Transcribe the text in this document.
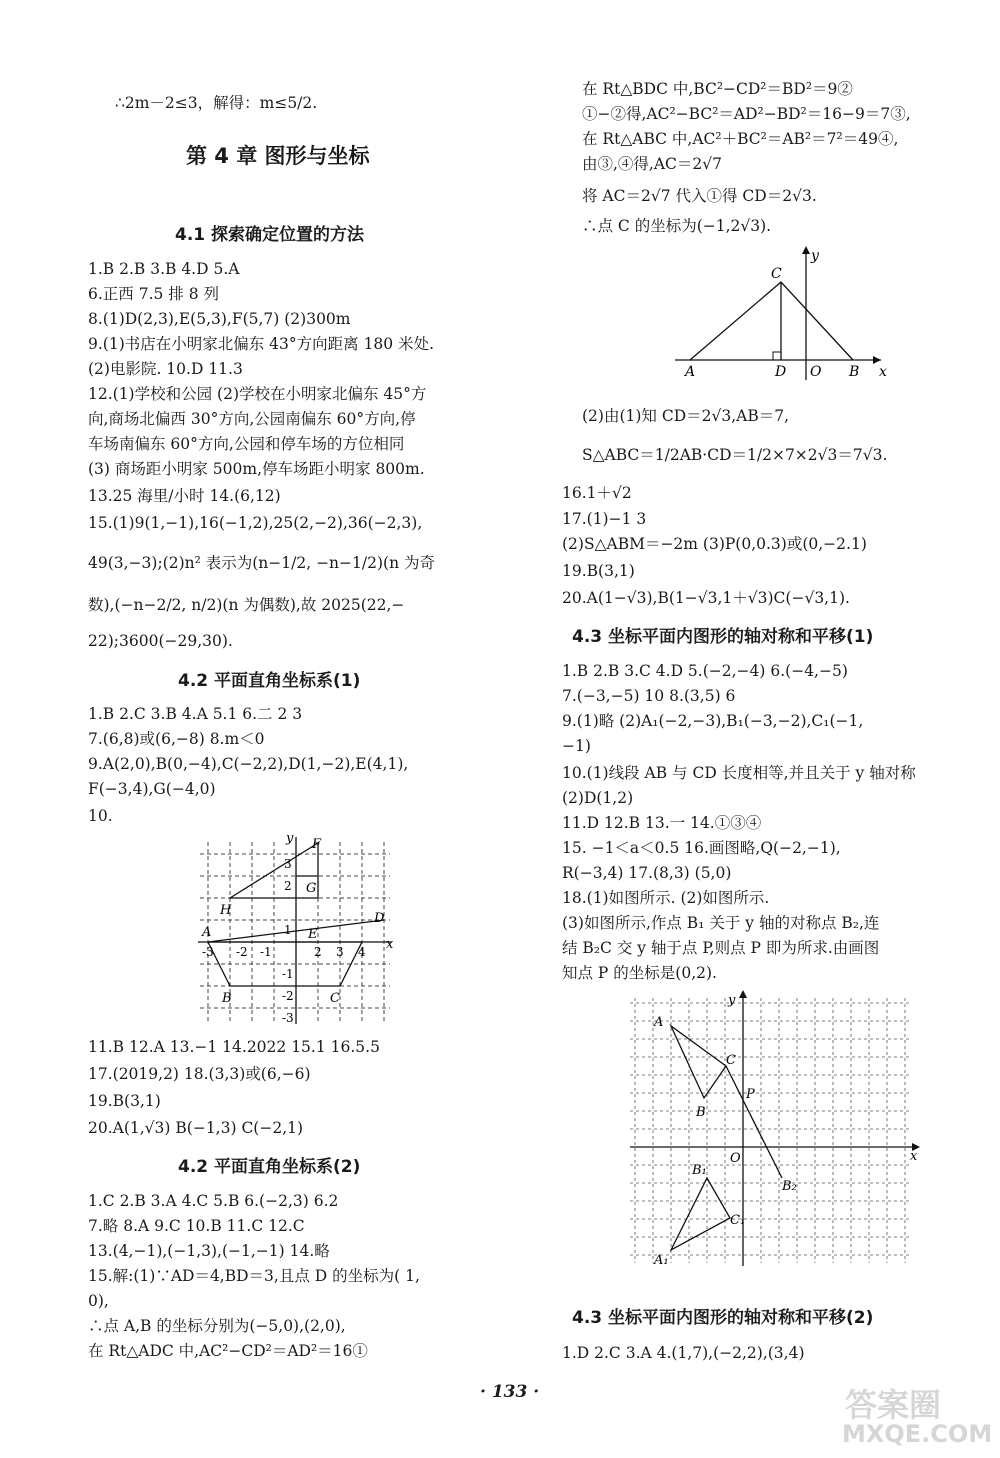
∴2m－2≤3，解得：m≤5/2.
第 4 章 图形与坐标
4.1 探索确定位置的方法
1.B 2.B 3.B 4.D 5.A
6.正西 7.5 排 8 列
8.(1)D(2,3),E(5,3),F(5,7) (2)300m
9.(1)书店在小明家北偏东 43°方向距离 180 米处.
(2)电影院. 10.D 11.3
12.(1)学校和公园 (2)学校在小明家北偏东 45°方
向,商场北偏西 30°方向,公园南偏东 60°方向,停
车场南偏东 60°方向,公园和停车场的方位相同
(3) 商场距小明家 500m,停车场距小明家 800m.
13.25 海里/小时 14.(6,12)
15.(1)9(1,−1),16(−1,2),25(2,−2),36(−2,3),
49(3,−3);(2)n² 表示为(n−1/2, −n−1/2)(n 为奇
数),(−n−2/2, n/2)(n 为偶数),故 2025(22,−
22);3600(−29,30).
4.2 平面直角坐标系(1)
1.B 2.C 3.B 4.A 5.1 6.二 2 3
7.(6,8)或(6,−8) 8.m＜0
9.A(2,0),B(0,−4),C(−2,2),D(1,−2),E(4,1),
F(−3,4),G(−4,0)
10.
A
B	C
D
E
F
G
H
x
y
1
2 3 4
-1
-2
-3
2
3
-1
-2
-3
11.B 12.A 13.−1 14.2022 15.1 16.5.5
17.(2019,2) 18.(3,3)或(6,−6)
19.B(3,1)
20.A(1,√3) B(−1,3) C(−2,1)
4.2 平面直角坐标系(2)
1.C 2.B 3.A 4.C 5.B 6.(−2,3) 6.2
7.略 8.A 9.C 10.B 11.C 12.C
13.(4,−1),(−1,3),(−1,−1) 14.略
15.解:(1)∵AD＝4,BD＝3,且点 D 的坐标为( 1,
0),
∴点 A,B 的坐标分别为(−5,0),(2,0),
在 Rt△ADC 中,AC²−CD²＝AD²＝16①
在 Rt△BDC 中,BC²−CD²＝BD²＝9②
①−②得,AC²−BC²＝AD²−BD²＝16−9＝7③,
在 Rt△ABC 中,AC²＋BC²＝AB²＝7²＝49④,
由③,④得,AC＝2√7
将 AC＝2√7 代入①得 CD＝2√3.
∴点 C 的坐标为(−1,2√3).
A	D O B x
y
C
(2)由(1)知 CD＝2√3,AB＝7,
S△ABC＝1/2AB·CD＝1/2×7×2√3＝7√3.
16.1＋√2
17.(1)−1 3
(2)S△ABM＝−2m (3)P(0,0.3)或(0,−2.1)
19.B(3,1)
20.A(1−√3),B(1−√3,1＋√3)C(−√3,1).
4.3 坐标平面内图形的轴对称和平移(1)
1.B 2.B 3.C 4.D 5.(−2,−4) 6.(−4,−5)
7.(−3,−5) 10 8.(3,5) 6
9.(1)略 (2)A₁(−2,−3),B₁(−3,−2),C₁(−1,
−1)
10.(1)线段 AB 与 CD 长度相等,并且关于 y 轴对称
(2)D(1,2)
11.D 12.B 13.一 14.①③④
15. −1＜a＜0.5 16.画图略,Q(−2,−1),
R(−3,4) 17.(8,3) (5,0)
18.(1)如图所示. (2)如图所示.
(3)如图所示,作点 B₁ 关于 y 轴的对称点 B₂,连
结 B₂C 交 y 轴于点 P,则点 P 即为所求.由画图
知点 P 的坐标是(0,2).
A
B
C
P
O	x
y
A₁
B₁
C₁
B₂
4.3 坐标平面内图形的轴对称和平移(2)
1.D 2.C 3.A 4.(1,7),(−2,2),(3,4)
· 133 ·	答案圈
MXQE.COM
